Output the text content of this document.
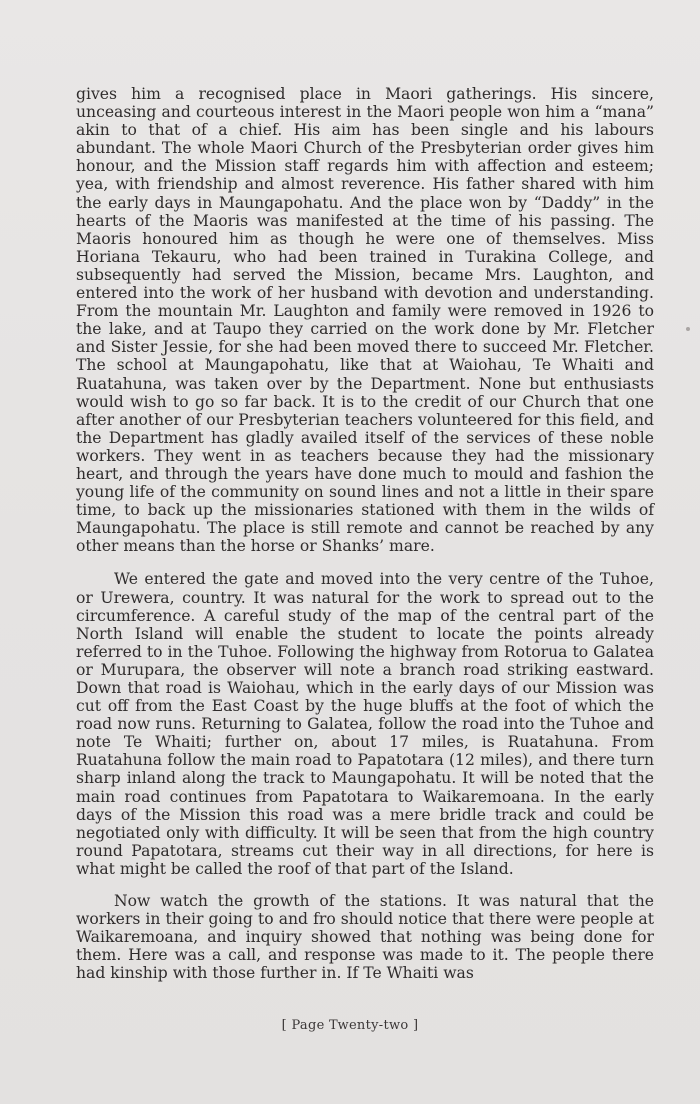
gives him a recognised place in Maori gatherings. His sincere, unceasing and courteous interest in the Maori people won him a “mana” akin to that of a chief. His aim has been single and his labours abundant. The whole Maori Church of the Presbyterian order gives him honour, and the Mission staff regards him with affection and esteem; yea, with friendship and almost reverence. His father shared with him the early days in Maungapohatu. And the place won by “Daddy” in the hearts of the Maoris was manifested at the time of his passing. The Maoris honoured him as though he were one of themselves. Miss Horiana Tekauru, who had been trained in Turakina College, and subsequently had served the Mission, became Mrs. Laughton, and entered into the work of her husband with devotion and understanding. From the mountain Mr. Laughton and family were removed in 1926 to the lake, and at Taupo they carried on the work done by Mr. Fletcher and Sister Jessie, for she had been moved there to succeed Mr. Fletcher. The school at Maungapohatu, like that at Waiohau, Te Whaiti and Ruatahuna, was taken over by the Department. None but enthusiasts would wish to go so far back. It is to the credit of our Church that one after another of our Presbyterian teachers volunteered for this field, and the Department has gladly availed itself of the services of these noble workers. They went in as teachers because they had the missionary heart, and through the years have done much to mould and fashion the young life of the community on sound lines and not a little in their spare time, to back up the missionaries stationed with them in the wilds of Maungapohatu. The place is still remote and cannot be reached by any other means than the horse or Shanks’ mare.

We entered the gate and moved into the very centre of the Tuhoe, or Urewera, country. It was natural for the work to spread out to the circumference. A careful study of the map of the central part of the North Island will enable the student to locate the points already referred to in the Tuhoe. Following the highway from Rotorua to Galatea or Murupara, the observer will note a branch road striking eastward. Down that road is Waiohau, which in the early days of our Mission was cut off from the East Coast by the huge bluffs at the foot of which the road now runs. Returning to Galatea, follow the road into the Tuhoe and note Te Whaiti; further on, about 17 miles, is Ruatahuna. From Ruatahuna follow the main road to Papatotara (12 miles), and there turn sharp inland along the track to Maungapohatu. It will be noted that the main road continues from Papatotara to Waikaremoana. In the early days of the Mission this road was a mere bridle track and could be negotiated only with difficulty. It will be seen that from the high country round Papatotara, streams cut their way in all directions, for here is what might be called the roof of that part of the Island.

Now watch the growth of the stations. It was natural that the workers in their going to and fro should notice that there were people at Waikaremoana, and inquiry showed that nothing was being done for them. Here was a call, and response was made to it. The people there had kinship with those further in. If Te Whaiti was

[ Page Twenty-two ]
